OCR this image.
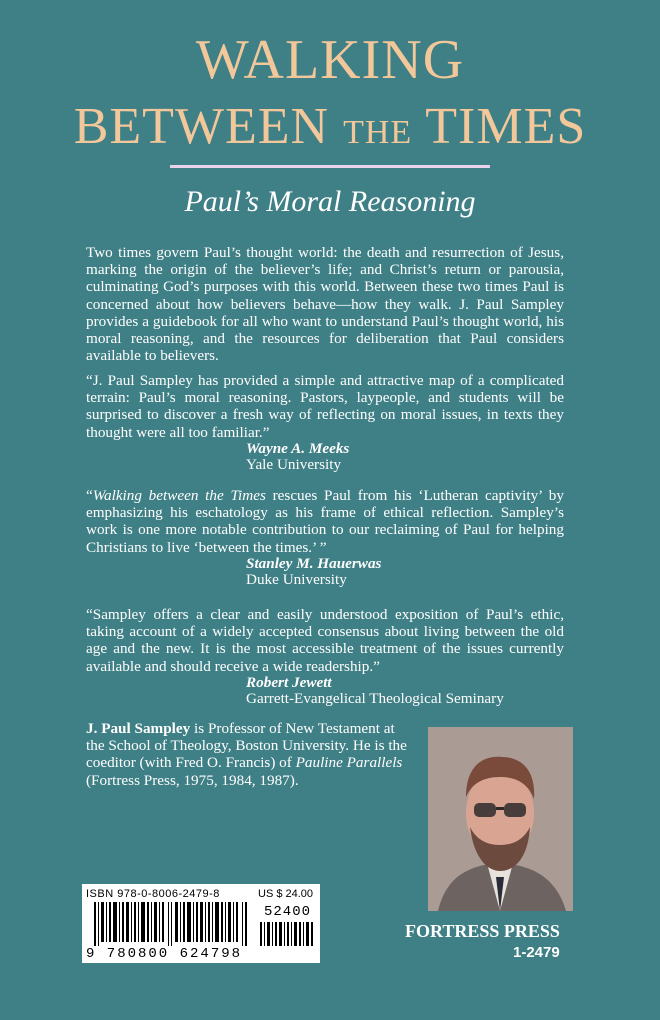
WALKING
BETWEEN THE TIMES
Paul’s Moral Reasoning
Two times govern Paul’s thought world: the death and resurrection of Jesus, marking the origin of the believer’s life; and Christ’s return or parousia, culminating God’s purposes with this world. Between these two times Paul is concerned about how believers behave—how they walk. J. Paul Sampley provides a guidebook for all who want to understand Paul’s thought world, his moral reasoning, and the resources for deliberation that Paul considers available to believers.
“J. Paul Sampley has provided a simple and attractive map of a complicated terrain: Paul’s moral reasoning. Pastors, laypeople, and students will be surprised to discover a fresh way of reflecting on moral issues, in texts they thought were all too familiar.”
Wayne A. Meeks
Yale University
“Walking between the Times rescues Paul from his ‘Lutheran captivity’ by emphasizing his eschatology as his frame of ethical reflection. Sampley’s work is one more notable contribution to our reclaiming of Paul for helping Christians to live ‘between the times.’ ”
Stanley M. Hauerwas
Duke University
“Sampley offers a clear and easily understood exposition of Paul’s ethic, taking account of a widely accepted consensus about living between the old age and the new. It is the most accessible treatment of the issues currently available and should receive a wide readership.”
Robert Jewett
Garrett-Evangelical Theological Seminary
J. Paul Sampley is Professor of New Testament at the School of Theology, Boston University. He is the coeditor (with Fred O. Francis) of Pauline Parallels (Fortress Press, 1975, 1984, 1987).
ISBN 978-0-8006-2479-8	US $ 24.00
52400
9 780800 624798
FORTRESS PRESS
1-2479
